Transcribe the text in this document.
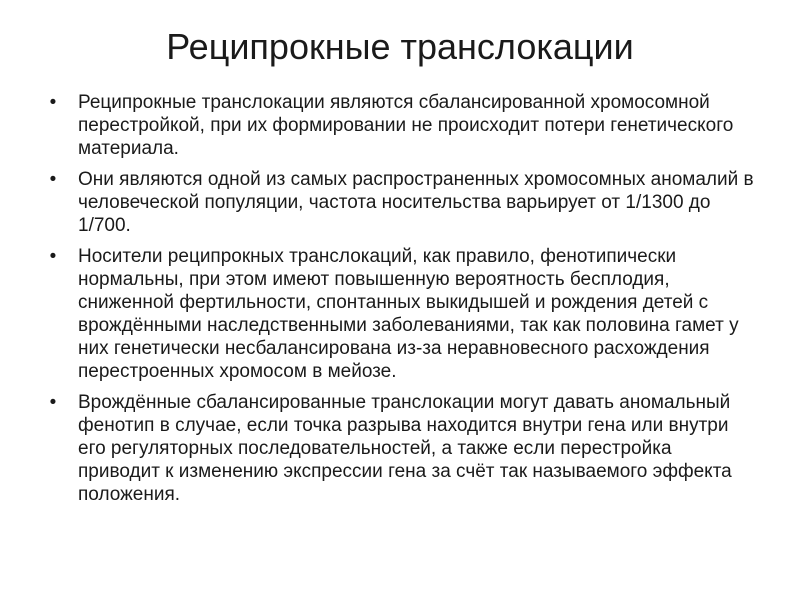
Реципрокные транслокации
• Реципрокные транслокации являются сбалансированной хромосомной перестройкой, при их формировании не происходит потери генетического материала.
• Они являются одной из самых распространенных хромосомных аномалий в человеческой популяции, частота носительства варьирует от 1/1300 до 1/700.
• Носители реципрокных транслокаций, как правило, фенотипически нормальны, при этом имеют повышенную вероятность бесплодия, сниженной фертильности, спонтанных выкидышей и рождения детей с врождёнными наследственными заболеваниями, так как половина гамет у них генетически несбалансирована из-за неравновесного расхождения перестроенных хромосом в мейозе.
• Врождённые сбалансированные транслокации могут давать аномальный фенотип в случае, если точка разрыва находится внутри гена или внутри его регуляторных последовательностей, а также если перестройка приводит к изменению экспрессии гена за счёт так называемого эффекта положения.
